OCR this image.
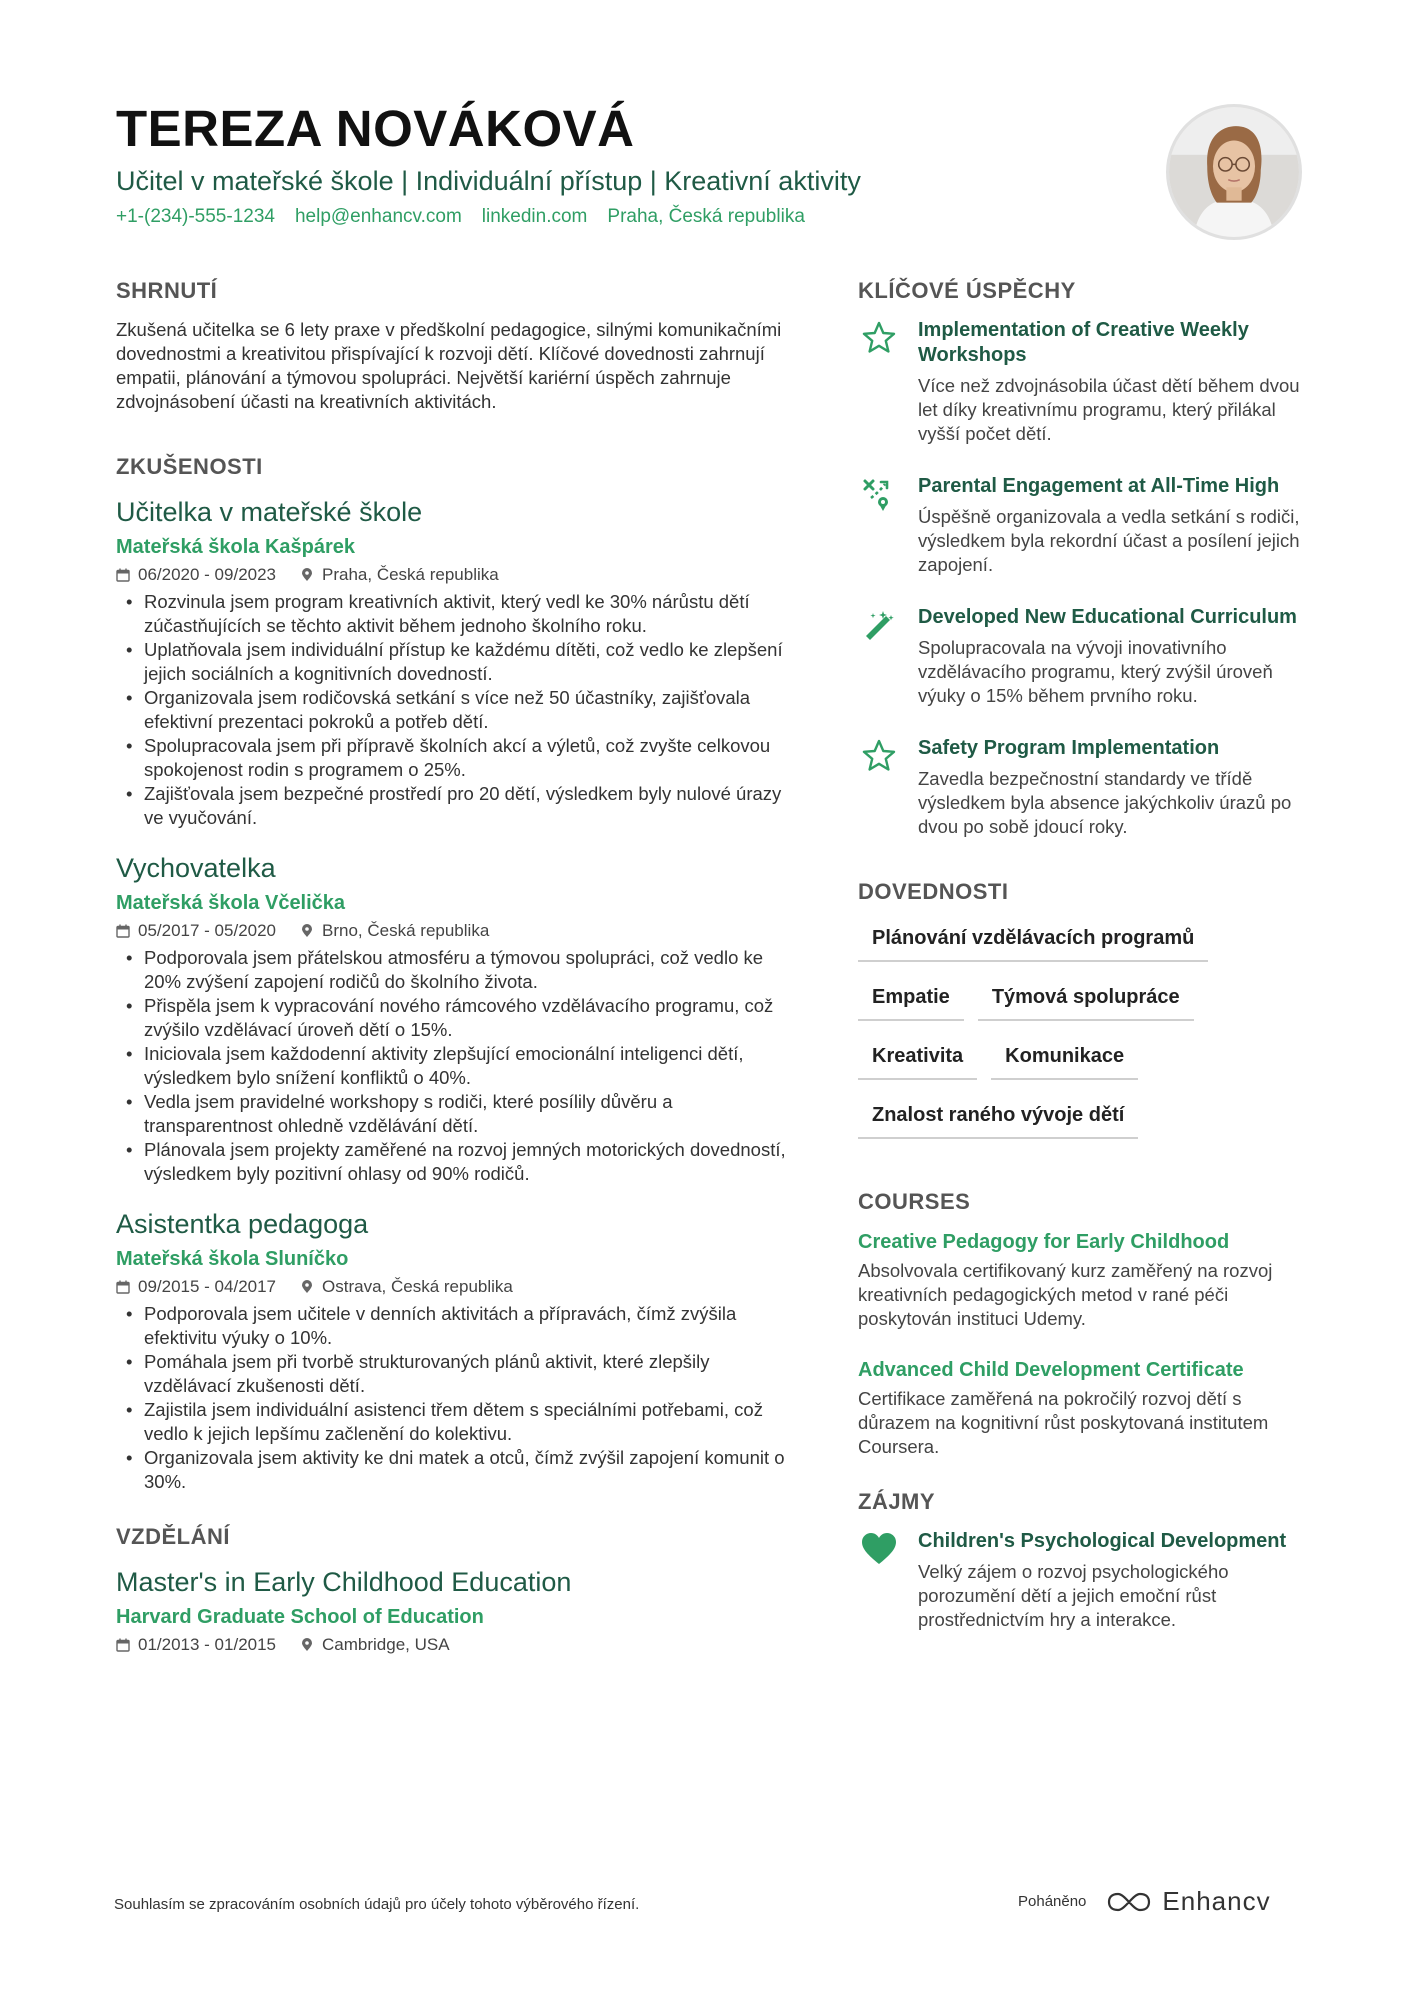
TEREZA NOVÁKOVÁ
Učitel v mateřské škole | Individuální přístup | Kreativní aktivity
+1-(234)-555-1234 help@enhancv.com linkedin.com Praha, Česká republika
SHRNUTÍ
Zkušená učitelka se 6 lety praxe v předškolní pedagogice, silnými komunikačními dovednostmi a kreativitou přispívající k rozvoji dětí. Klíčové dovednosti zahrnují empatii, plánování a týmovou spolupráci. Největší kariérní úspěch zahrnuje zdvojnásobení účasti na kreativních aktivitách.
ZKUŠENOSTI
Učitelka v mateřské škole
Mateřská škola Kašpárek
06/2020 - 09/2023	Praha, Česká republika
• Rozvinula jsem program kreativních aktivit, který vedl ke 30% nárůstu dětí zúčastňujících se těchto aktivit během jednoho školního roku.
• Uplatňovala jsem individuální přístup ke každému dítěti, což vedlo ke zlepšení jejich sociálních a kognitivních dovedností.
• Organizovala jsem rodičovská setkání s více než 50 účastníky, zajišťovala efektivní prezentaci pokroků a potřeb dětí.
• Spolupracovala jsem při přípravě školních akcí a výletů, což zvyšte celkovou spokojenost rodin s programem o 25%.
• Zajišťovala jsem bezpečné prostředí pro 20 dětí, výsledkem byly nulové úrazy ve vyučování.
Vychovatelka
Mateřská škola Včelička
05/2017 - 05/2020	Brno, Česká republika
• Podporovala jsem přátelskou atmosféru a týmovou spolupráci, což vedlo ke 20% zvýšení zapojení rodičů do školního života.
• Přispěla jsem k vypracování nového rámcového vzdělávacího programu, což zvýšilo vzdělávací úroveň dětí o 15%.
• Iniciovala jsem každodenní aktivity zlepšující emocionální inteligenci dětí, výsledkem bylo snížení konfliktů o 40%.
• Vedla jsem pravidelné workshopy s rodiči, které posílily důvěru a transparentnost ohledně vzdělávání dětí.
• Plánovala jsem projekty zaměřené na rozvoj jemných motorických dovedností, výsledkem byly pozitivní ohlasy od 90% rodičů.
Asistentka pedagoga
Mateřská škola Sluníčko
09/2015 - 04/2017	Ostrava, Česká republika
• Podporovala jsem učitele v denních aktivitách a přípravách, čímž zvýšila efektivitu výuky o 10%.
• Pomáhala jsem při tvorbě strukturovaných plánů aktivit, které zlepšily vzdělávací zkušenosti dětí.
• Zajistila jsem individuální asistenci třem dětem s speciálními potřebami, což vedlo k jejich lepšímu začlenění do kolektivu.
• Organizovala jsem aktivity ke dni matek a otců, čímž zvýšil zapojení komunit o 30%.
VZDĚLÁNÍ
Master's in Early Childhood Education
Harvard Graduate School of Education
01/2013 - 01/2015	Cambridge, USA
KLÍČOVÉ ÚSPĚCHY
Implementation of Creative Weekly Workshops
Více než zdvojnásobila účast dětí během dvou let díky kreativnímu programu, který přilákal vyšší počet dětí.
Parental Engagement at All-Time High
Úspěšně organizovala a vedla setkání s rodiči, výsledkem byla rekordní účast a posílení jejich zapojení.
Developed New Educational Curriculum
Spolupracovala na vývoji inovativního vzdělávacího programu, který zvýšil úroveň výuky o 15% během prvního roku.
Safety Program Implementation
Zavedla bezpečnostní standardy ve třídě výsledkem byla absence jakýchkoliv úrazů po dvou po sobě jdoucí roky.
DOVEDNOSTI
Plánování vzdělávacích programů
Empatie	Týmová spolupráce
Kreativita	Komunikace
Znalost raného vývoje dětí
COURSES
Creative Pedagogy for Early Childhood
Absolvovala certifikovaný kurz zaměřený na rozvoj kreativních pedagogických metod v rané péči poskytován instituci Udemy.
Advanced Child Development Certificate
Certifikace zaměřená na pokročilý rozvoj dětí s důrazem na kognitivní růst poskytovaná institutem Coursera.
ZÁJMY
Children's Psychological Development
Velký zájem o rozvoj psychologického porozumění dětí a jejich emoční růst prostřednictvím hry a interakce.
Souhlasím se zpracováním osobních údajů pro účely tohoto výběrového řízení.	Poháněno	Enhancv
